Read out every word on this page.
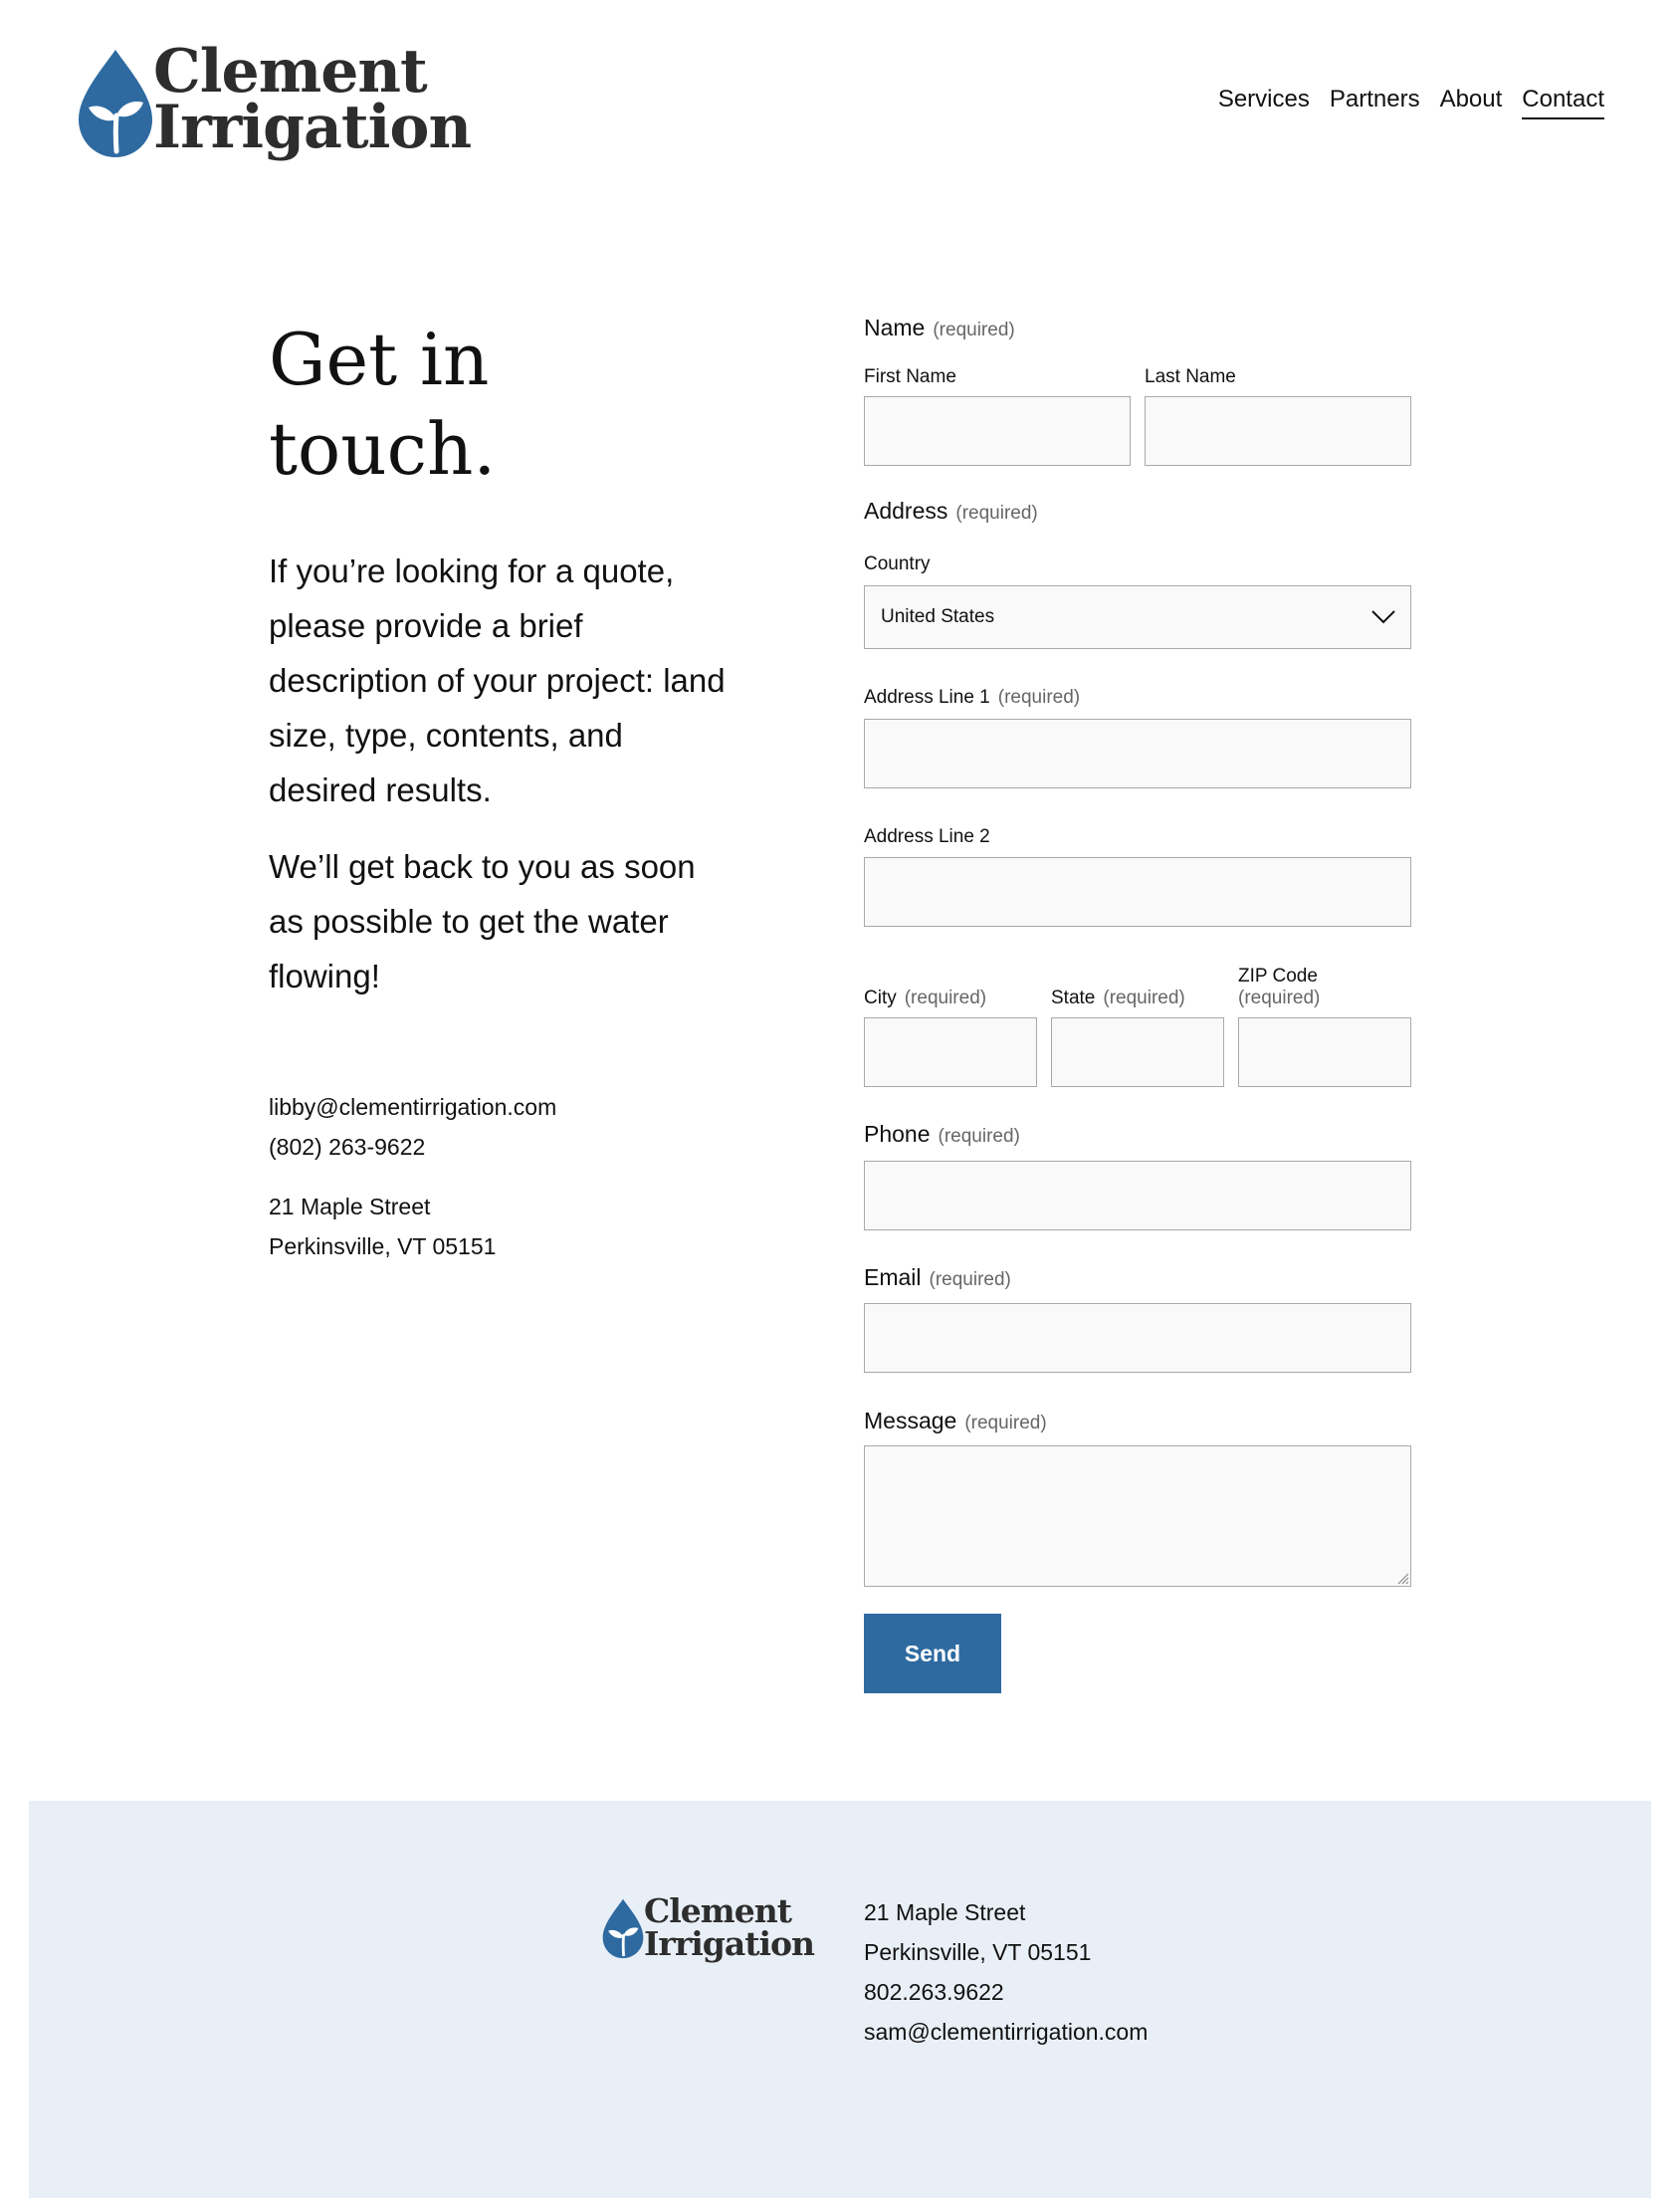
Clement
Irrigation	Services Partners About Contact
Get in touch.

If you’re looking for a quote, please provide a brief description of your project: land size, type, contents, and desired results.

We’ll get back to you as soon as possible to get the water flowing!

libby@clementirrigation.com
(802) 263-9622
21 Maple Street
Perkinsville, VT 05151
Name (required)
First Name	Last Name
Address (required)
Country
United States
Address Line 1 (required)
Address Line 2
City (required)	State (required)
ZIP Code
(required)
Phone (required)
Email (required)
Message (required)
Send
Clement
Irrigation
21 Maple Street
Perkinsville, VT 05151
802.263.9622
sam@clementirrigation.com
